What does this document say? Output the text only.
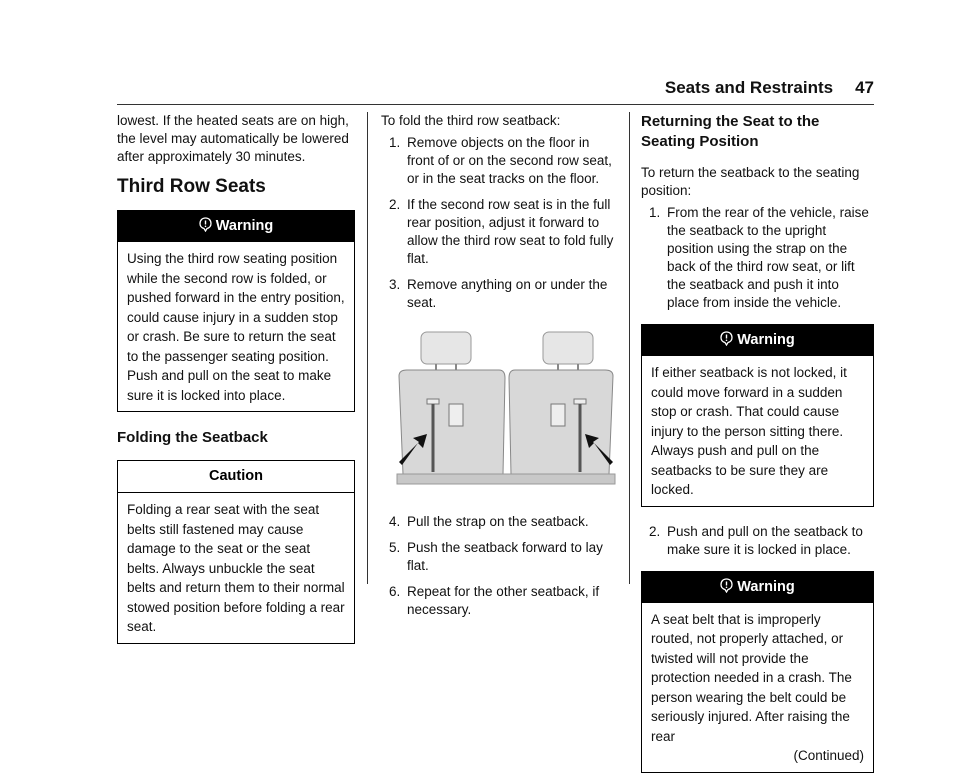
Seats and Restraints 47

lowest. If the heated seats are on high, the level may automatically be lowered after approximately 30 minutes.

Third Row Seats
Warning
Using the third row seating position while the second row is folded, or pushed forward in the entry position, could cause injury in a sudden stop or crash. Be sure to return the seat to the passenger seating position. Push and pull on the seat to make sure it is locked into place.
Folding the Seatback
Caution
Folding a rear seat with the seat belts still fastened may cause damage to the seat or the seat belts. Always unbuckle the seat belts and return them to their normal stowed position before folding a rear seat.

To fold the third row seatback:

1. Remove objects on the floor in front of or on the second row seat, or in the seat tracks on the floor.
2. If the second row seat is in the full rear position, adjust it forward to allow the third row seat to fold fully flat.
3. Remove anything on or under the seat.
4. Pull the strap on the seatback.
5. Push the seatback forward to lay flat.
6. Repeat for the other seatback, if necessary.
Returning the Seat to the Seating Position

To return the seatback to the seating position:

1. From the rear of the vehicle, raise the seatback to the upright position using the strap on the back of the third row seat, or lift the seatback and push it into place from inside the vehicle.
Warning
If either seatback is not locked, it could move forward in a sudden stop or crash. That could cause injury to the person sitting there. Always push and pull on the seatbacks to be sure they are locked.
2. Push and pull on the seatback to make sure it is locked in place.
Warning
A seat belt that is improperly routed, not properly attached, or twisted will not provide the protection needed in a crash. The person wearing the belt could be seriously injured. After raising the rear
(Continued)
